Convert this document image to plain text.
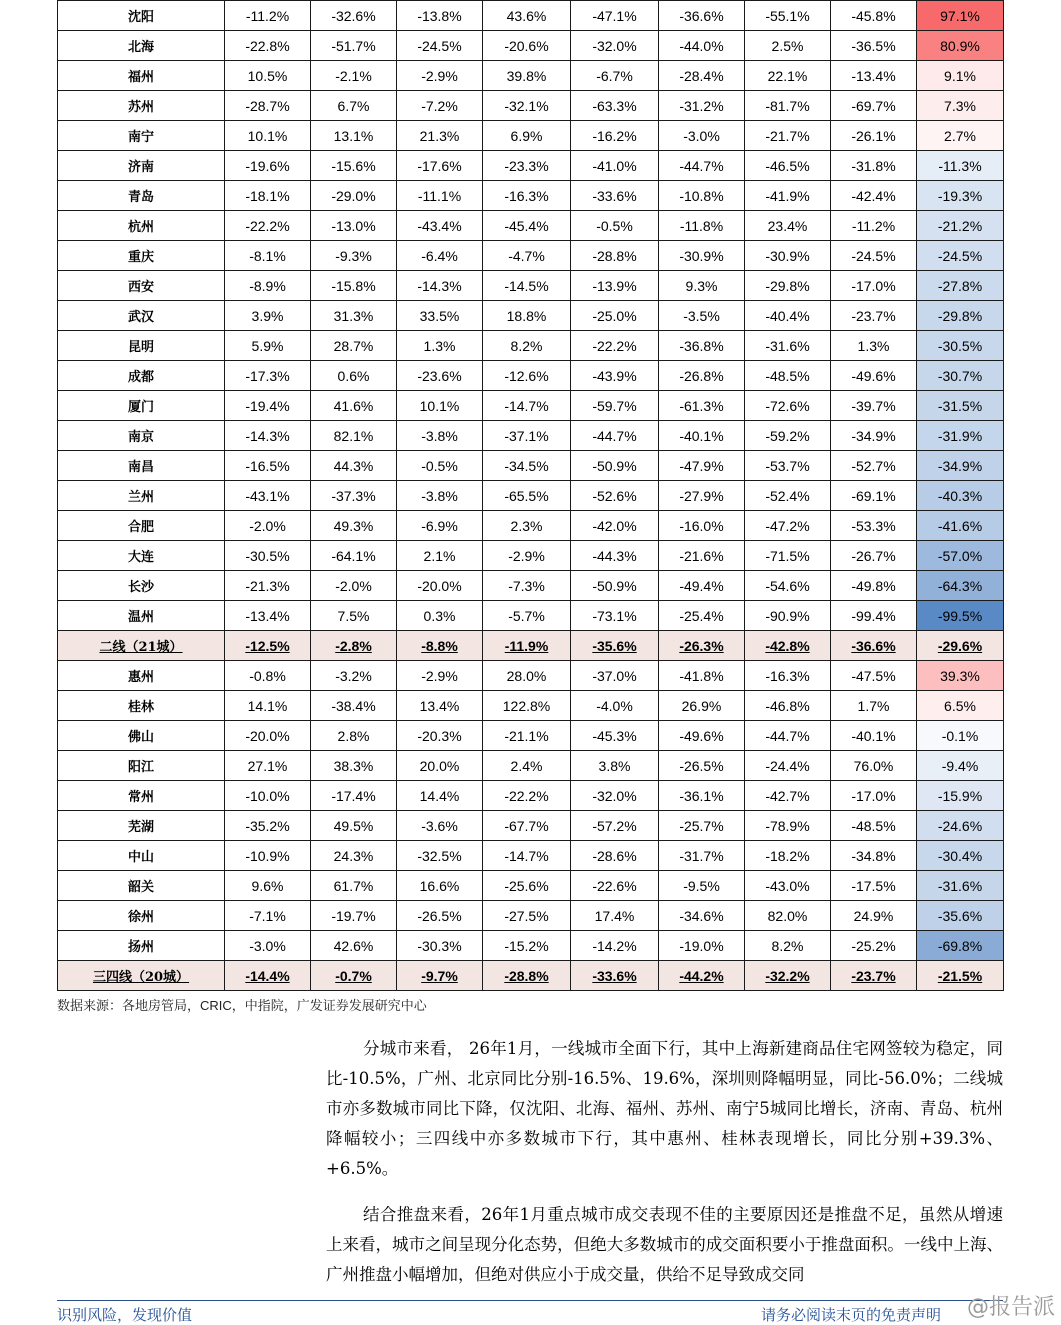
沈阳	-11.2%	-32.6%	-13.8%	43.6%	-47.1%	-36.6%	-55.1%	-45.8%	97.1%
北海	-22.8%	-51.7%	-24.5%	-20.6%	-32.0%	-44.0%	2.5%	-36.5%	80.9%
福州	10.5%	-2.1%	-2.9%	39.8%	-6.7%	-28.4%	22.1%	-13.4%	9.1%
苏州	-28.7%	6.7%	-7.2%	-32.1%	-63.3%	-31.2%	-81.7%	-69.7%	7.3%
南宁	10.1%	13.1%	21.3%	6.9%	-16.2%	-3.0%	-21.7%	-26.1%	2.7%
济南	-19.6%	-15.6%	-17.6%	-23.3%	-41.0%	-44.7%	-46.5%	-31.8%	-11.3%
青岛	-18.1%	-29.0%	-11.1%	-16.3%	-33.6%	-10.8%	-41.9%	-42.4%	-19.3%
杭州	-22.2%	-13.0%	-43.4%	-45.4%	-0.5%	-11.8%	23.4%	-11.2%	-21.2%
重庆	-8.1%	-9.3%	-6.4%	-4.7%	-28.8%	-30.9%	-30.9%	-24.5%	-24.5%
西安	-8.9%	-15.8%	-14.3%	-14.5%	-13.9%	9.3%	-29.8%	-17.0%	-27.8%
武汉	3.9%	31.3%	33.5%	18.8%	-25.0%	-3.5%	-40.4%	-23.7%	-29.8%
昆明	5.9%	28.7%	1.3%	8.2%	-22.2%	-36.8%	-31.6%	1.3%	-30.5%
成都	-17.3%	0.6%	-23.6%	-12.6%	-43.9%	-26.8%	-48.5%	-49.6%	-30.7%
厦门	-19.4%	41.6%	10.1%	-14.7%	-59.7%	-61.3%	-72.6%	-39.7%	-31.5%
南京	-14.3%	82.1%	-3.8%	-37.1%	-44.7%	-40.1%	-59.2%	-34.9%	-31.9%
南昌	-16.5%	44.3%	-0.5%	-34.5%	-50.9%	-47.9%	-53.7%	-52.7%	-34.9%
兰州	-43.1%	-37.3%	-3.8%	-65.5%	-52.6%	-27.9%	-52.4%	-69.1%	-40.3%
合肥	-2.0%	49.3%	-6.9%	2.3%	-42.0%	-16.0%	-47.2%	-53.3%	-41.6%
大连	-30.5%	-64.1%	2.1%	-2.9%	-44.3%	-21.6%	-71.5%	-26.7%	-57.0%
长沙	-21.3%	-2.0%	-20.0%	-7.3%	-50.9%	-49.4%	-54.6%	-49.8%	-64.3%
温州	-13.4%	7.5%	0.3%	-5.7%	-73.1%	-25.4%	-90.9%	-99.4%	-99.5%
二线（21城）	-12.5%	-2.8%	-8.8%	-11.9%	-35.6%	-26.3%	-42.8%	-36.6%	-29.6%
惠州	-0.8%	-3.2%	-2.9%	28.0%	-37.0%	-41.8%	-16.3%	-47.5%	39.3%
桂林	14.1%	-38.4%	13.4%	122.8%	-4.0%	26.9%	-46.8%	1.7%	6.5%
佛山	-20.0%	2.8%	-20.3%	-21.1%	-45.3%	-49.6%	-44.7%	-40.1%	-0.1%
阳江	27.1%	38.3%	20.0%	2.4%	3.8%	-26.5%	-24.4%	76.0%	-9.4%
常州	-10.0%	-17.4%	14.4%	-22.2%	-32.0%	-36.1%	-42.7%	-17.0%	-15.9%
芜湖	-35.2%	49.5%	-3.6%	-67.7%	-57.2%	-25.7%	-78.9%	-48.5%	-24.6%
中山	-10.9%	24.3%	-32.5%	-14.7%	-28.6%	-31.7%	-18.2%	-34.8%	-30.4%
韶关	9.6%	61.7%	16.6%	-25.6%	-22.6%	-9.5%	-43.0%	-17.5%	-31.6%
徐州	-7.1%	-19.7%	-26.5%	-27.5%	17.4%	-34.6%	82.0%	24.9%	-35.6%
扬州	-3.0%	42.6%	-30.3%	-15.2%	-14.2%	-19.0%	8.2%	-25.2%	-69.8%
三四线（20城）	-14.4%	-0.7%	-9.7%	-28.8%	-33.6%	-44.2%	-32.2%	-23.7%	-21.5%
数据来源：各地房管局，CRIC，中指院，广发证券发展研究中心

分城市来看， 26年1月，一线城市全面下行，其中上海新建商品住宅网签较为稳定，同比-10.5%，广州、北京同比分别-16.5%、19.6%，深圳则降幅明显，同比-56.0%；二线城市亦多数城市同比下降，仅沈阳、北海、福州、苏州、南宁5城同比增长，济南、青岛、杭州降幅较小；三四线中亦多数城市下行，其中惠州、桂林表现增长，同比分别+39.3%、+6.5%。

结合推盘来看，26年1月重点城市成交表现不佳的主要原因还是推盘不足，虽然从增速上来看，城市之间呈现分化态势，但绝大多数城市的成交面积要小于推盘面积。一线中上海、广州推盘小幅增加，但绝对供应小于成交量，供给不足导致成交同

识别风险，发现价值	请务必阅读末页的免责声明 @报告派
